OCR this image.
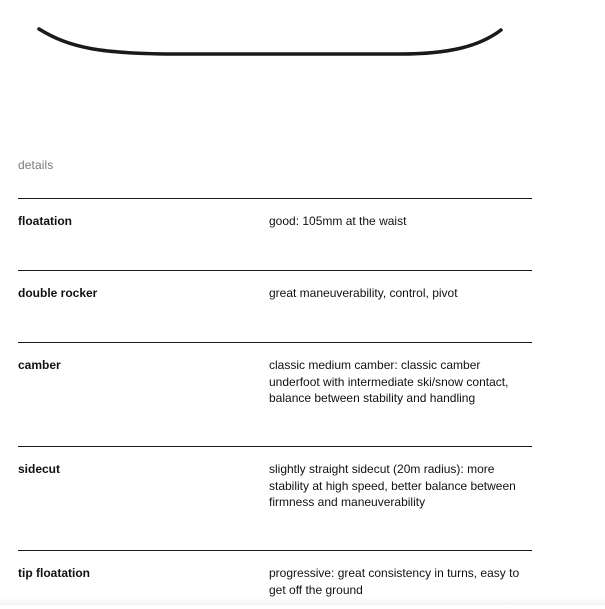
details
floatation	good: 105mm at the waist
double rocker	great maneuverability, control, pivot
camber	classic medium camber: classic camber underfoot with intermediate ski/snow contact, balance between stability and handling
sidecut	slightly straight sidecut (20m radius): more stability at high speed, better balance between firmness and maneuverability
tip floatation	progressive: great consistency in turns, easy to get off the ground
